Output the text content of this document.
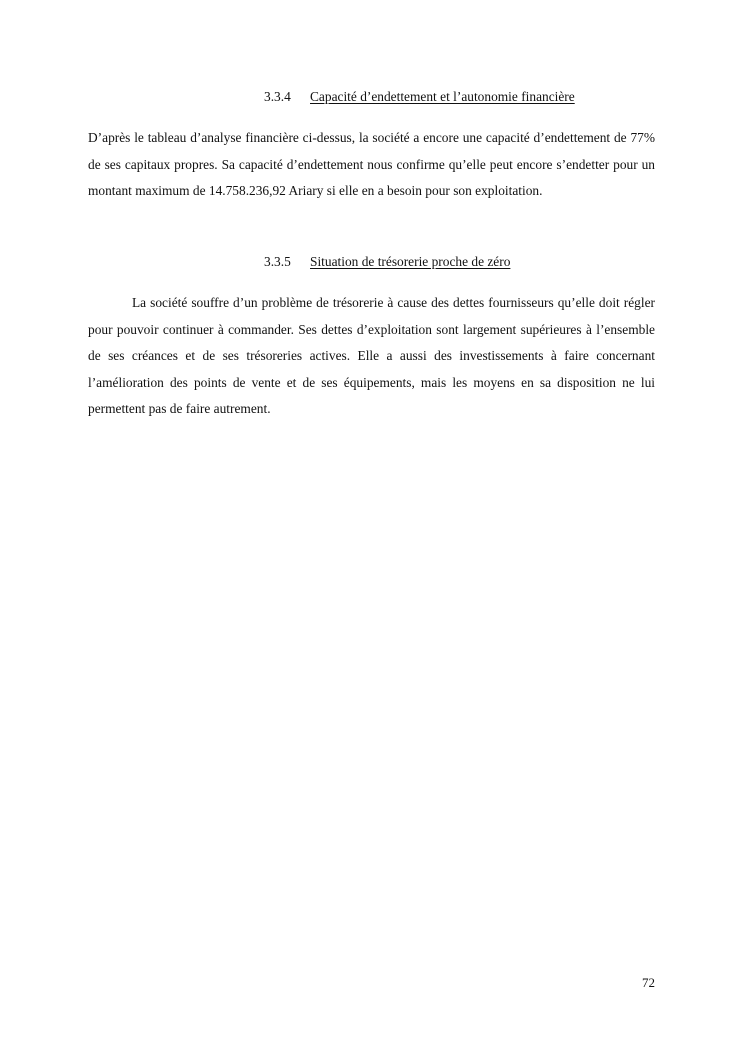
3.3.4 Capacité d’endettement et l’autonomie financière

D’après le tableau d’analyse financière ci-dessus, la société a encore une capacité d’endettement de 77% de ses capitaux propres. Sa capacité d’endettement nous confirme qu’elle peut encore s’endetter pour un montant maximum de 14.758.236,92 Ariary si elle en a besoin pour son exploitation.

3.3.5 Situation de trésorerie proche de zéro

La société souffre d’un problème de trésorerie à cause des dettes fournisseurs qu’elle doit régler pour pouvoir continuer à commander. Ses dettes d’exploitation sont largement supérieures à l’ensemble de ses créances et de ses trésoreries actives. Elle a aussi des investissements à faire concernant l’amélioration des points de vente et de ses équipements, mais les moyens en sa disposition ne lui permettent pas de faire autrement.

72
